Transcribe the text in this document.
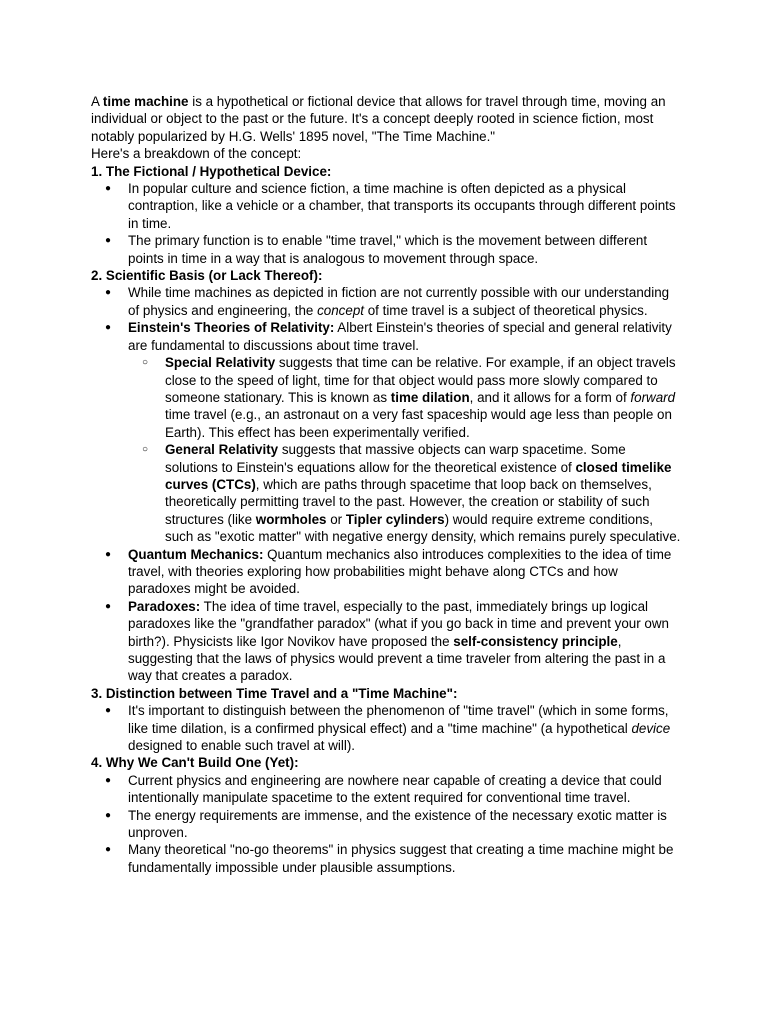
A time machine is a hypothetical or fictional device that allows for travel through time, moving an individual or object to the past or the future. It's a concept deeply rooted in science fiction, most notably popularized by H.G. Wells' 1895 novel, "The Time Machine."

Here's a breakdown of the concept:

1. The Fictional / Hypothetical Device:
● In popular culture and science fiction, a time machine is often depicted as a physical contraption, like a vehicle or a chamber, that transports its occupants through different points in time.
● The primary function is to enable "time travel," which is the movement between different points in time in a way that is analogous to movement through space.
2. Scientific Basis (or Lack Thereof):
● While time machines as depicted in fiction are not currently possible with our understanding of physics and engineering, the concept of time travel is a subject of theoretical physics.
● Einstein's Theories of Relativity: Albert Einstein's theories of special and general relativity are fundamental to discussions about time travel.
○ Special Relativity suggests that time can be relative. For example, if an object travels close to the speed of light, time for that object would pass more slowly compared to someone stationary. This is known as time dilation, and it allows for a form of forward time travel (e.g., an astronaut on a very fast spaceship would age less than people on Earth). This effect has been experimentally verified.
○ General Relativity suggests that massive objects can warp spacetime. Some solutions to Einstein's equations allow for the theoretical existence of closed timelike curves (CTCs), which are paths through spacetime that loop back on themselves, theoretically permitting travel to the past. However, the creation or stability of such structures (like wormholes or Tipler cylinders) would require extreme conditions, such as "exotic matter" with negative energy density, which remains purely speculative.
● Quantum Mechanics: Quantum mechanics also introduces complexities to the idea of time travel, with theories exploring how probabilities might behave along CTCs and how paradoxes might be avoided.
● Paradoxes: The idea of time travel, especially to the past, immediately brings up logical paradoxes like the "grandfather paradox" (what if you go back in time and prevent your own birth?). Physicists like Igor Novikov have proposed the self-consistency principle, suggesting that the laws of physics would prevent a time traveler from altering the past in a way that creates a paradox.
3. Distinction between Time Travel and a "Time Machine":
● It's important to distinguish between the phenomenon of "time travel" (which in some forms, like time dilation, is a confirmed physical effect) and a "time machine" (a hypothetical device designed to enable such travel at will).
4. Why We Can't Build One (Yet):
● Current physics and engineering are nowhere near capable of creating a device that could intentionally manipulate spacetime to the extent required for conventional time travel.
● The energy requirements are immense, and the existence of the necessary exotic matter is unproven.
● Many theoretical "no-go theorems" in physics suggest that creating a time machine might be fundamentally impossible under plausible assumptions.
